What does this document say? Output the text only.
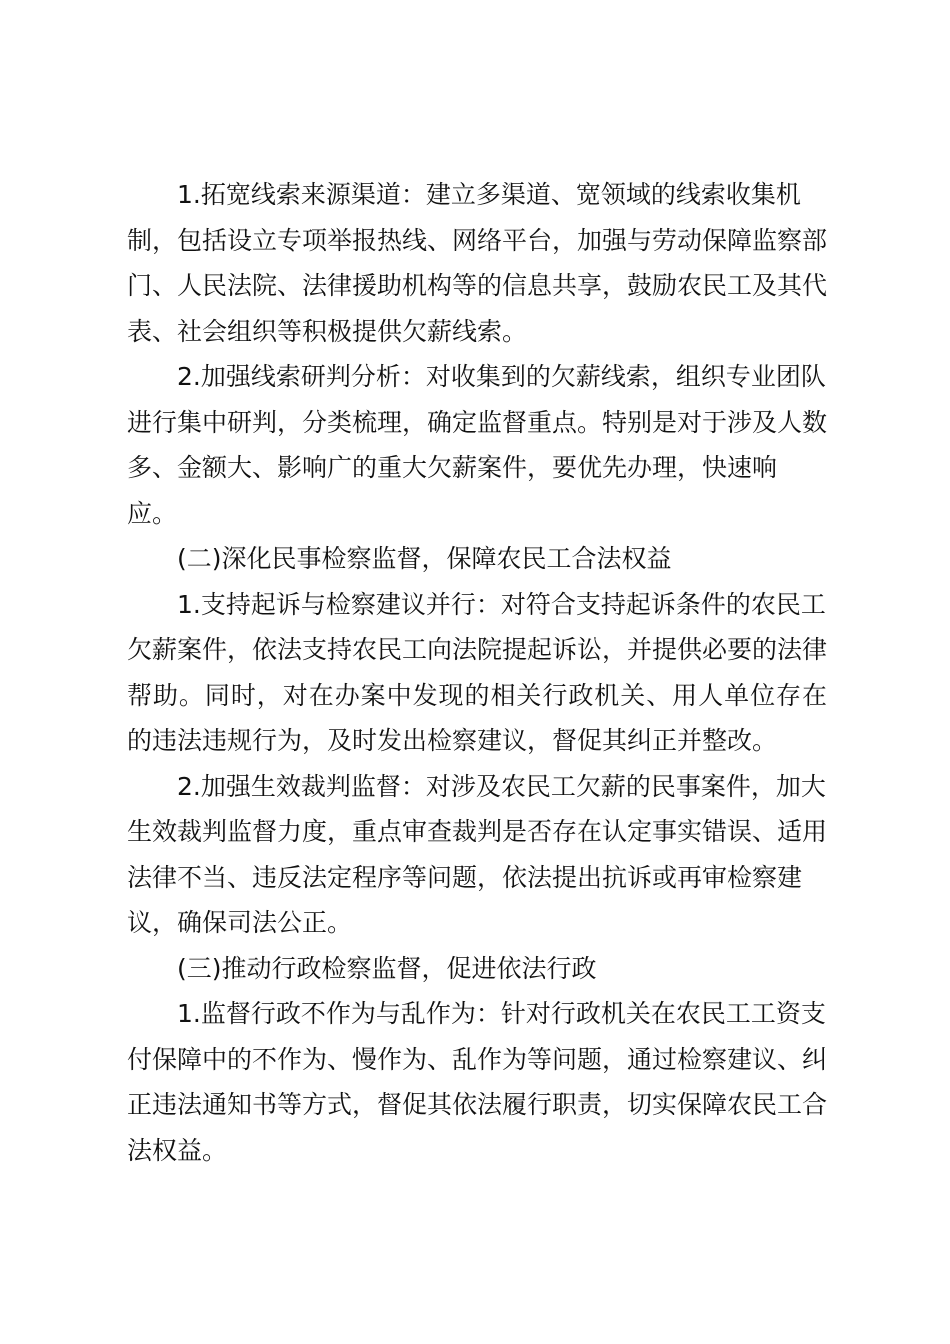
1.拓宽线索来源渠道：建立多渠道、宽领域的线索收集机
制，包括设立专项举报热线、网络平台，加强与劳动保障监察部
门、人民法院、法律援助机构等的信息共享，鼓励农民工及其代
表、社会组织等积极提供欠薪线索。
2.加强线索研判分析：对收集到的欠薪线索，组织专业团队
进行集中研判，分类梳理，确定监督重点。特别是对于涉及人数
多、金额大、影响广的重大欠薪案件，要优先办理，快速响
应。
(二)深化民事检察监督，保障农民工合法权益
1.支持起诉与检察建议并行：对符合支持起诉条件的农民工
欠薪案件，依法支持农民工向法院提起诉讼，并提供必要的法律
帮助。同时，对在办案中发现的相关行政机关、用人单位存在
的违法违规行为，及时发出检察建议，督促其纠正并整改。
2.加强生效裁判监督：对涉及农民工欠薪的民事案件，加大
生效裁判监督力度，重点审查裁判是否存在认定事实错误、适用
法律不当、违反法定程序等问题，依法提出抗诉或再审检察建
议，确保司法公正。
(三)推动行政检察监督，促进依法行政
1.监督行政不作为与乱作为：针对行政机关在农民工工资支
付保障中的不作为、慢作为、乱作为等问题，通过检察建议、纠
正违法通知书等方式，督促其依法履行职责，切实保障农民工合
法权益。
